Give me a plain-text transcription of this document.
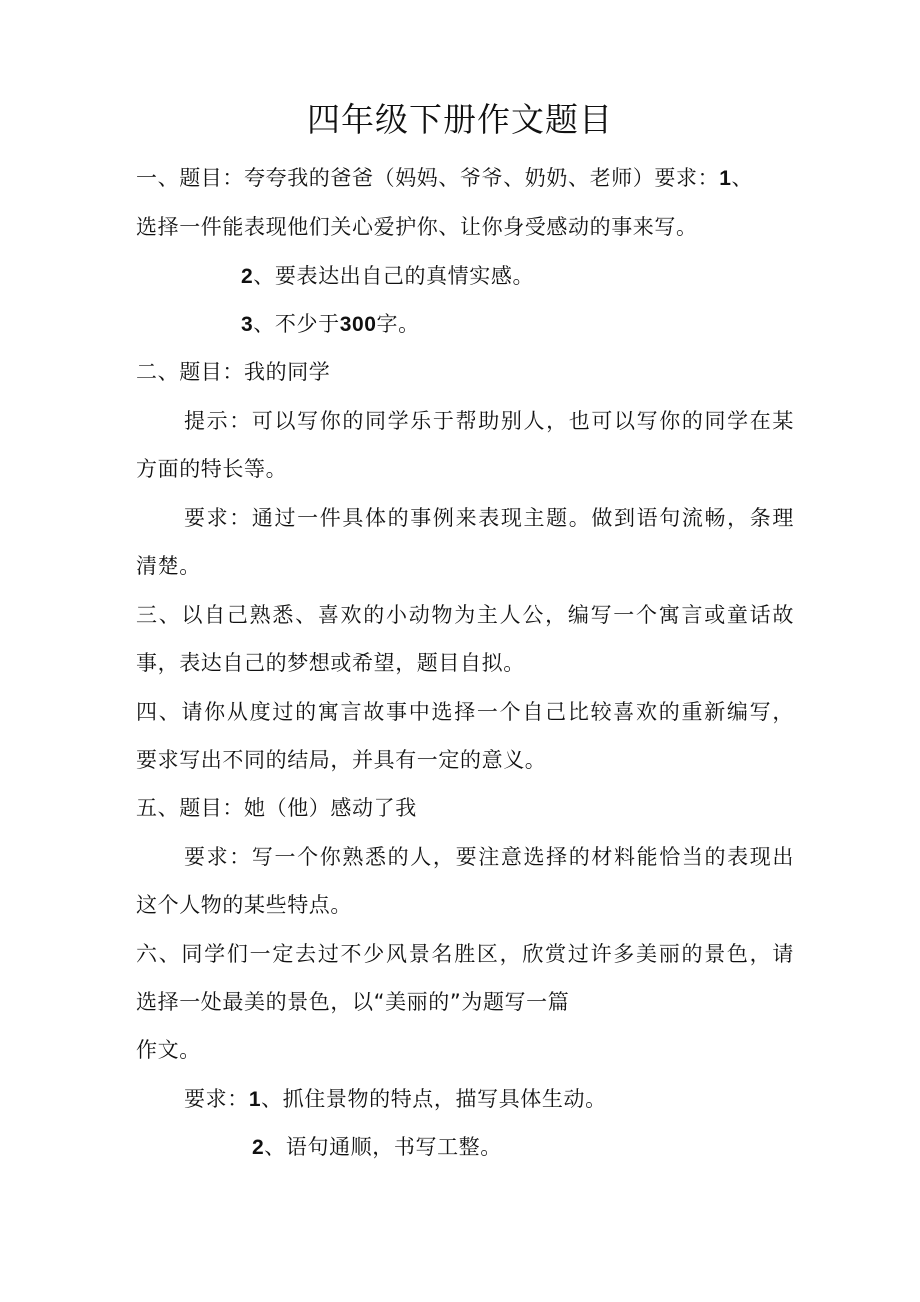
四年级下册作文题目
一、题目：夸夸我的爸爸（妈妈、爷爷、奶奶、老师）要求：1、
选择一件能表现他们关心爱护你、让你身受感动的事来写。
2、要表达出自己的真情实感。
3、不少于300字。
二、题目：我的同学
提示：可以写你的同学乐于帮助别人，也可以写你的同学在某
方面的特长等。
要求：通过一件具体的事例来表现主题。做到语句流畅，条理
清楚。
三、以自己熟悉、喜欢的小动物为主人公，编写一个寓言或童话故
事，表达自己的梦想或希望，题目自拟。
四、请你从度过的寓言故事中选择一个自己比较喜欢的重新编写，
要求写出不同的结局，并具有一定的意义。
五、题目：她（他）感动了我
要求：写一个你熟悉的人，要注意选择的材料能恰当的表现出
这个人物的某些特点。
六、同学们一定去过不少风景名胜区，欣赏过许多美丽的景色，请
选择一处最美的景色，以“美丽的”为题写一篇
作文。
要求：1、抓住景物的特点，描写具体生动。
2、语句通顺，书写工整。
